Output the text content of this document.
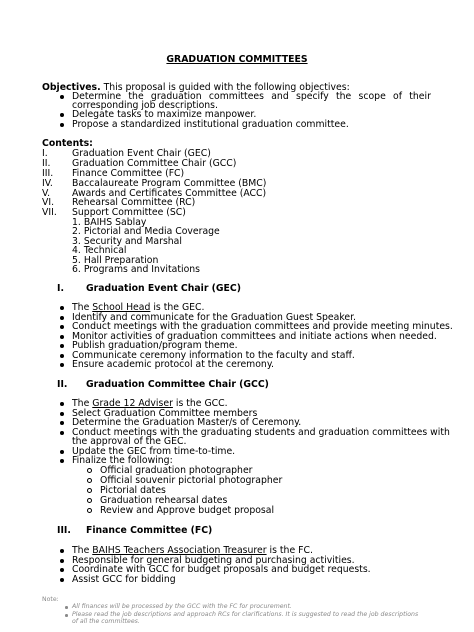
GRADUATION COMMITTEES
Objectives. This proposal is guided with the following objectives:
Determine the graduation committees and specify the scope of their
corresponding job descriptions.
Delegate tasks to maximize manpower.
Propose a standardized institutional graduation committee.
Contents:
I.	Graduation Event Chair (GEC)
II. Graduation Committee Chair (GCC)
III. Finance Committee (FC)
IV. Baccalaureate Program Committee (BMC)
V. Awards and Certificates Committee (ACC)
VI. Rehearsal Committee (RC)
VII. Support Committee (SC)
1. BAIHS Sablay
2. Pictorial and Media Coverage
3. Security and Marshal
4. Technical
5. Hall Preparation
6. Programs and Invitations
I. Graduation Event Chair (GEC)
The School Head is the GEC.
Identify and communicate for the Graduation Guest Speaker.
Conduct meetings with the graduation committees and provide meeting minutes.
Monitor activities of graduation committees and initiate actions when needed.
Publish graduation/program theme.
Communicate ceremony information to the faculty and staff.
Ensure academic protocol at the ceremony.
II. Graduation Committee Chair (GCC)
The Grade 12 Adviser is the GCC.
Select Graduation Committee members
Determine the Graduation Master/s of Ceremony.
Conduct meetings with the graduating students and graduation committees with
the approval of the GEC.
Update the GEC from time-to-time.
Finalize the following:
Official graduation photographer
Official souvenir pictorial photographer
Pictorial dates
Graduation rehearsal dates
Review and Approve budget proposal
III. Finance Committee (FC)
The BAIHS Teachers Association Treasurer is the FC.
Responsible for general budgeting and purchasing activities.
Coordinate with GCC for budget proposals and budget requests.
Assist GCC for bidding
Note:
All finances will be processed by the GCC with the FC for procurement.
Please read the job descriptions and approach RCs for clarifications. It is suggested to read the job descriptions
of all the committees.
